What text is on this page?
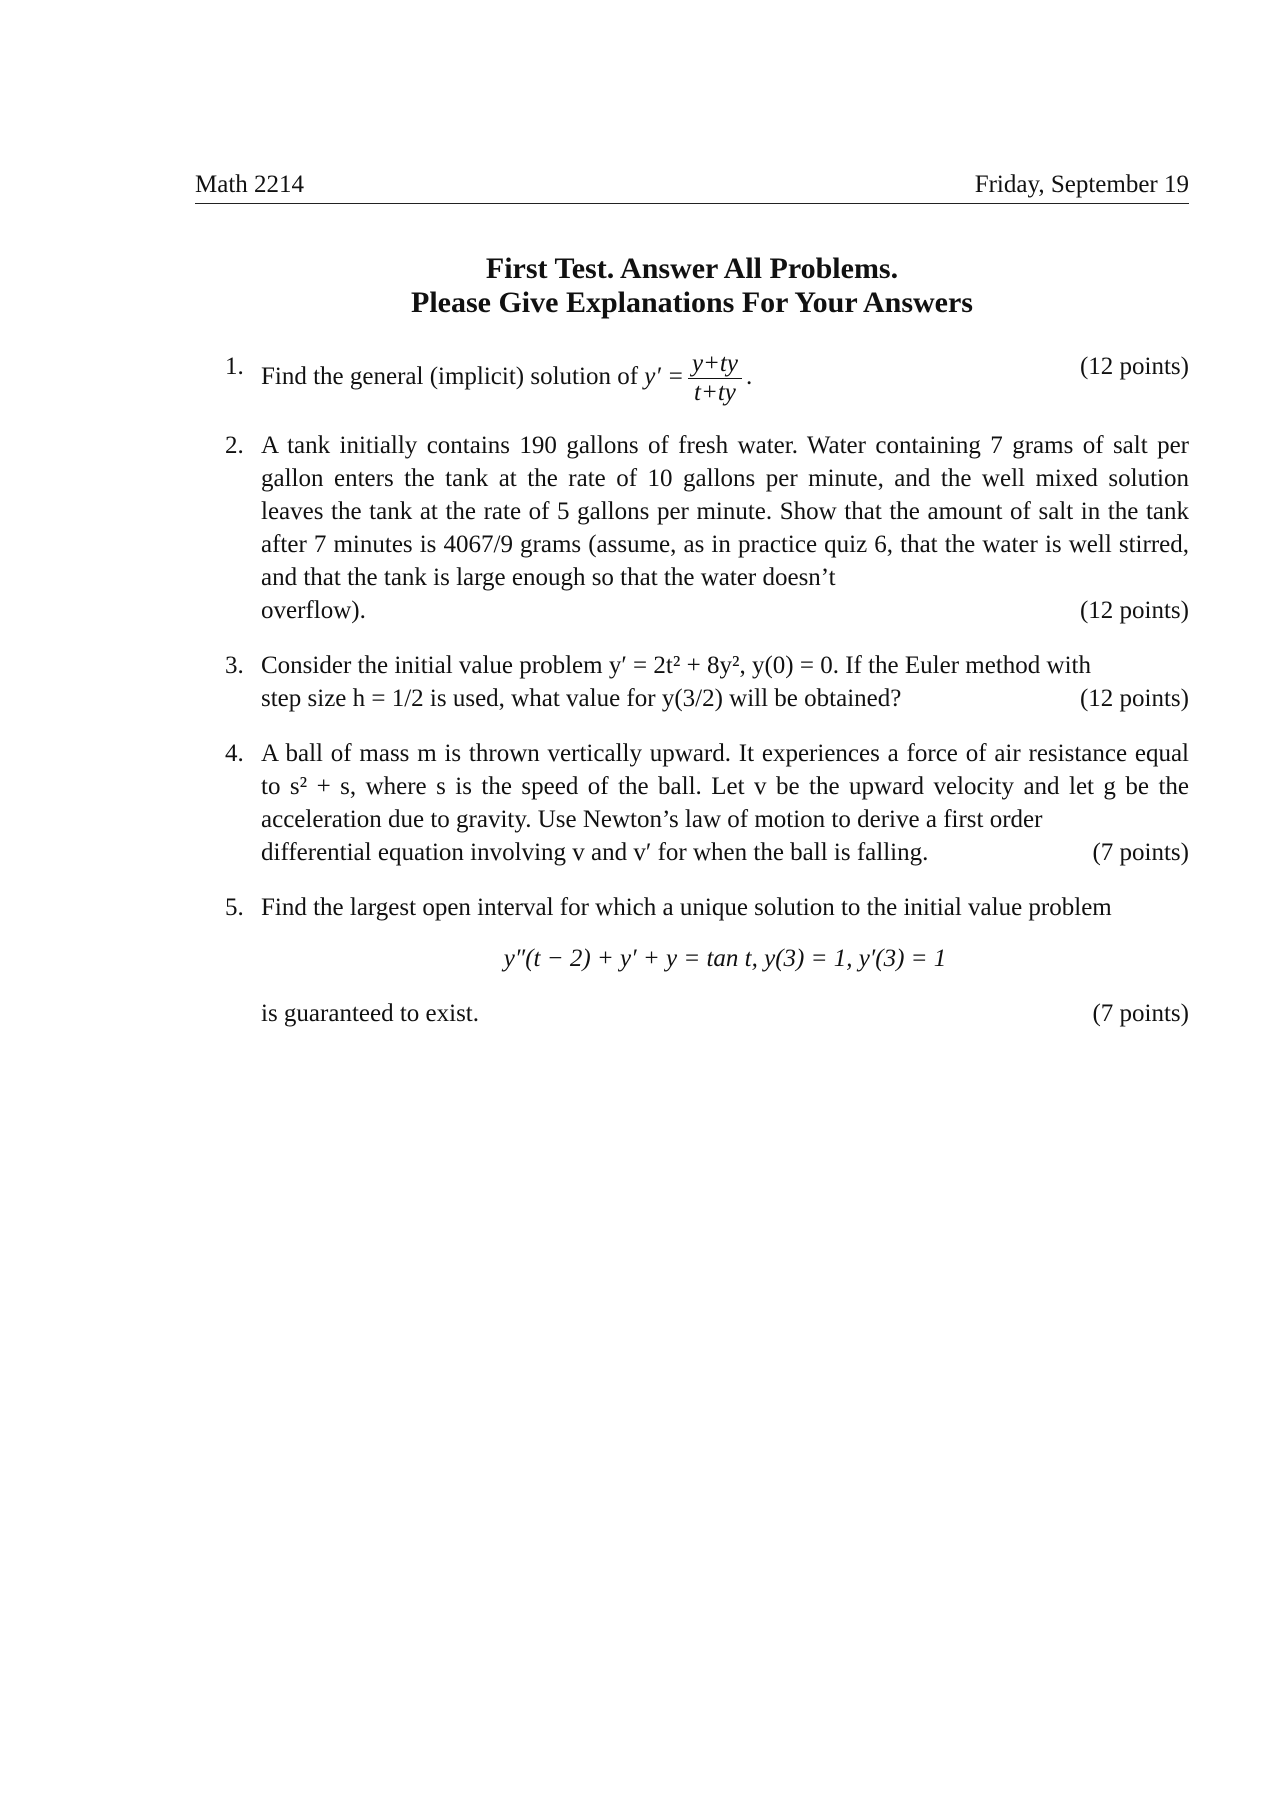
Math 2214	Friday, September 19
First Test. Answer All Problems.
Please Give Explanations For Your Answers
1. Find the general (implicit) solution of $y' = \frac{y+ty}{t+ty}$ .	(12 points)
2. A tank initially contains 190 gallons of fresh water. Water containing 7 grams of salt per gallon enters the tank at the rate of 10 gallons per minute, and the well mixed solution leaves the tank at the rate of 5 gallons per minute. Show that the amount of salt in the tank after 7 minutes is 4067/9 grams (assume, as in practice quiz 6, that the water is well stirred, and that the tank is large enough so that the water doesn’t
overflow).	(12 points)
3. Consider the initial value problem y′ = 2t² + 8y², y(0) = 0. If the Euler method with
step size h = 1/2 is used, what value for y(3/2) will be obtained?	(12 points)
4. A ball of mass m is thrown vertically upward. It experiences a force of air resistance equal to s² + s, where s is the speed of the ball. Let v be the upward velocity and let g be the acceleration due to gravity. Use Newton’s law of motion to derive a first order
differential equation involving v and v′ for when the ball is falling.	(7 points)
5. Find the largest open interval for which a unique solution to the initial value problem
y″(t − 2) + y′ + y = tan t, y(3) = 1, y′(3) = 1
is guaranteed to exist.	(7 points)
